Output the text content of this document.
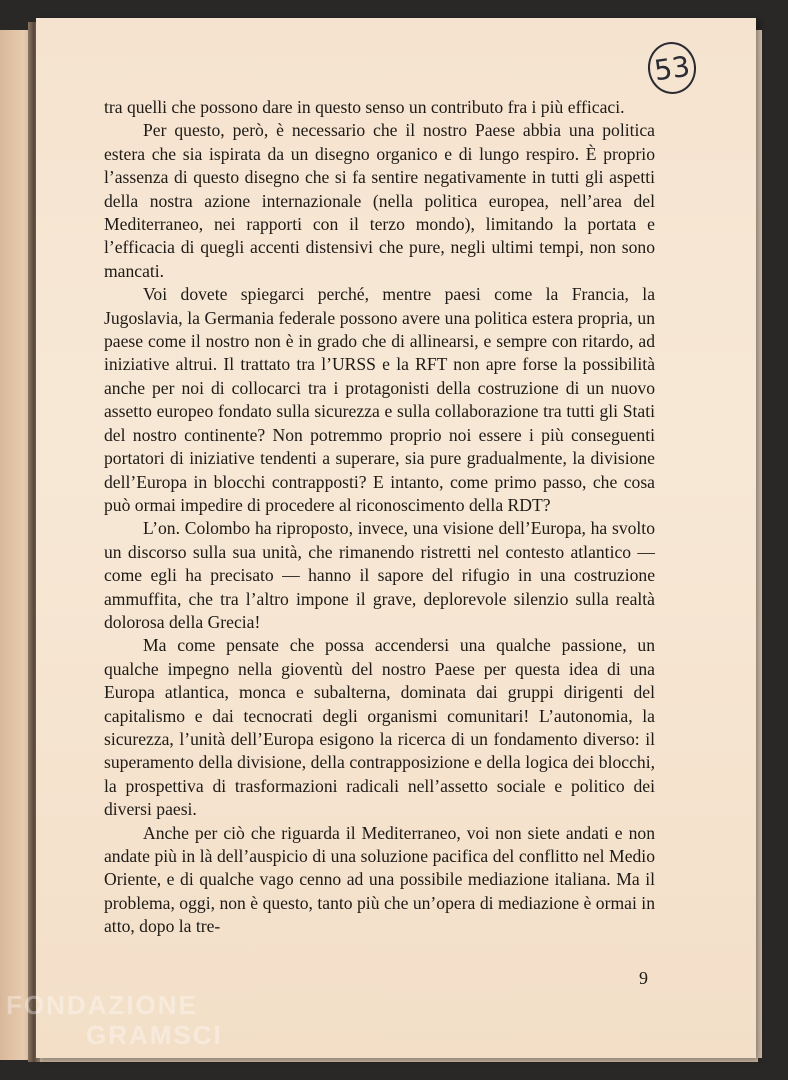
53

tra quelli che possono dare in questo senso un contributo fra i più efficaci.

Per questo, però, è necessario che il nostro Paese abbia una politica estera che sia ispirata da un disegno organico e di lungo respiro. È proprio l’assenza di questo disegno che si fa sentire negativamente in tutti gli aspetti della nostra azione internazionale (nella politica europea, nell’area del Mediterraneo, nei rapporti con il terzo mondo), limitando la portata e l’efficacia di quegli accenti distensivi che pure, negli ultimi tempi, non sono mancati.

Voi dovete spiegarci perché, mentre paesi come la Francia, la Jugoslavia, la Germania federale possono avere una politica estera propria, un paese come il nostro non è in grado che di allinearsi, e sempre con ritardo, ad iniziative altrui. Il trattato tra l’URSS e la RFT non apre forse la possibilità anche per noi di collocarci tra i protagonisti della costruzione di un nuovo assetto europeo fondato sulla sicurezza e sulla collaborazione tra tutti gli Stati del nostro continente? Non potremmo proprio noi essere i più conseguenti portatori di iniziative tendenti a superare, sia pure gradualmente, la divisione dell’Europa in blocchi contrapposti? E intanto, come primo passo, che cosa può ormai impedire di procedere al riconoscimento della RDT?

L’on. Colombo ha riproposto, invece, una visione dell’Europa, ha svolto un discorso sulla sua unità, che rimanendo ristretti nel contesto atlantico — come egli ha precisato — hanno il sapore del rifugio in una costruzione ammuffita, che tra l’altro impone il grave, deplorevole silenzio sulla realtà dolorosa della Grecia!

Ma come pensate che possa accendersi una qualche passione, un qualche impegno nella gioventù del nostro Paese per questa idea di una Europa atlantica, monca e subalterna, dominata dai gruppi dirigenti del capitalismo e dai tecnocrati degli organismi comunitari! L’autonomia, la sicurezza, l’unità dell’Europa esigono la ricerca di un fondamento diverso: il superamento della divisione, della contrapposizione e della logica dei blocchi, la prospettiva di trasformazioni radicali nell’assetto sociale e politico dei diversi paesi.

Anche per ciò che riguarda il Mediterraneo, voi non siete andati e non andate più in là dell’auspicio di una soluzione pacifica del conflitto nel Medio Oriente, e di qualche vago cenno ad una possibile mediazione italiana. Ma il problema, oggi, non è questo, tanto più che un’opera di mediazione è ormai in atto, dopo la tre-

9
FONDAZIONE
GRAMSCI
